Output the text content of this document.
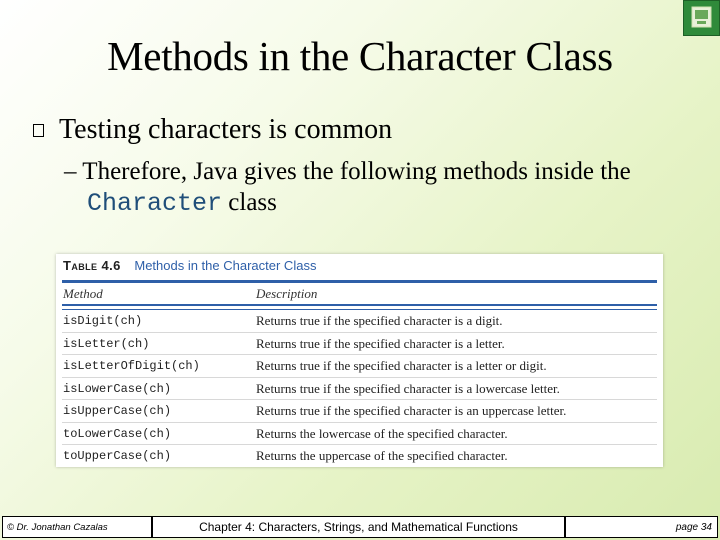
Methods in the Character Class
Testing characters is common
– Therefore, Java gives the following methods inside the
Character class
Table 4.6 Methods in the Character Class
Method	Description
isDigit(ch)	Returns true if the specified character is a digit.
isLetter(ch)	Returns true if the specified character is a letter.
isLetterOfDigit(ch)	Returns true if the specified character is a letter or digit.
isLowerCase(ch)	Returns true if the specified character is a lowercase letter.
isUpperCase(ch)	Returns true if the specified character is an uppercase letter.
toLowerCase(ch)	Returns the lowercase of the specified character.
toUpperCase(ch)	Returns the uppercase of the specified character.
© Dr. Jonathan Cazalas	Chapter 4: Characters, Strings, and Mathematical Functions	page 34
